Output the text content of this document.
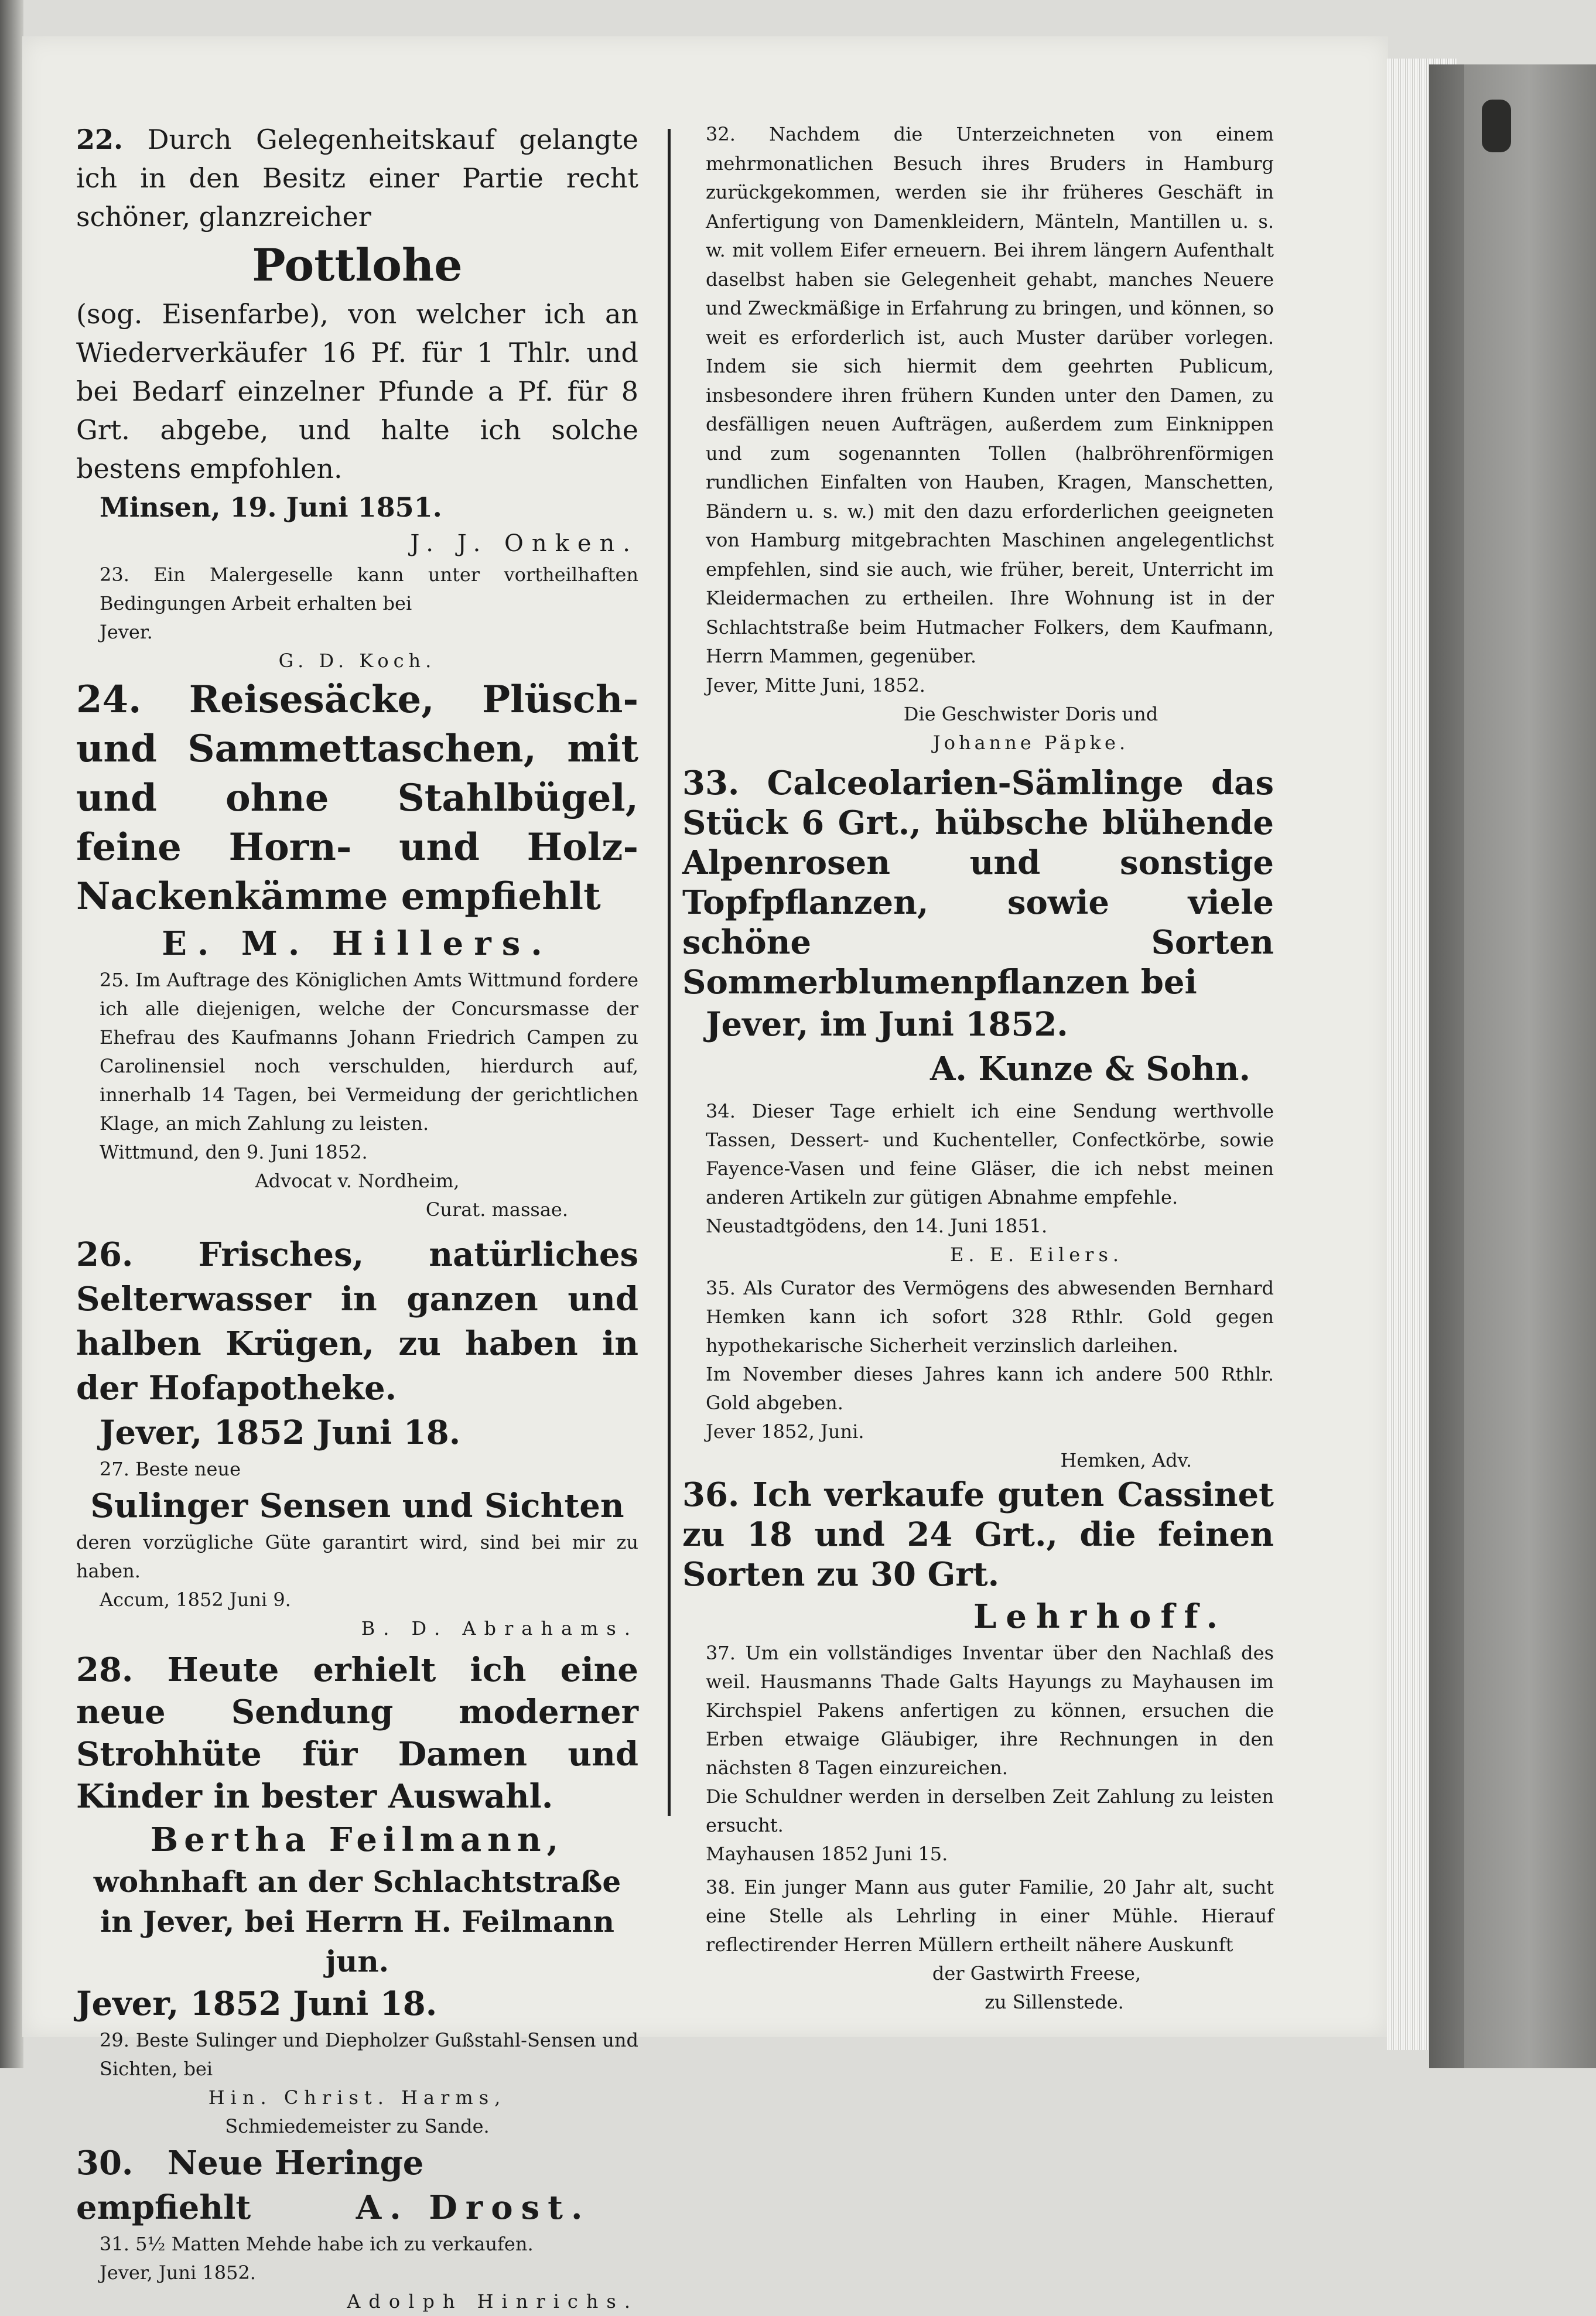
22. Durch Gelegenheitskauf gelangte ich in den Besitz einer Partie recht schöner, glanzreicher
Pottlohe
(sog. Eisenfarbe), von welcher ich an Wiederverkäufer 16 Pf. für 1 Thlr. und bei Bedarf einzelner Pfunde a Pf. für 8 Grt. abgebe, und halte ich solche bestens empfohlen.
Minsen, 19. Juni 1851.
J. J. Onken.
23. Ein Malergeselle kann unter vortheilhaften Bedingungen Arbeit erhalten bei
Jever.
G. D. Koch.
24. Reisesäcke, Plüsch- und Sammettaschen, mit und ohne Stahlbügel, feine Horn- und Holz-Nackenkämme empfiehlt
E. M. Hillers.
25. Im Auftrage des Königlichen Amts Wittmund fordere ich alle diejenigen, welche der Concursmasse der Ehefrau des Kaufmanns Johann Friedrich Campen zu Carolinensiel noch verschulden, hierdurch auf, innerhalb 14 Tagen, bei Vermeidung der gerichtlichen Klage, an mich Zahlung zu leisten.
Wittmund, den 9. Juni 1852.
Advocat v. Nordheim,
Curat. massae.
26. Frisches, natürliches Selterwasser in ganzen und halben Krügen, zu haben in der Hofapotheke.
Jever, 1852 Juni 18.
27. Beste neue
Sulinger Sensen und Sichten
deren vorzügliche Güte garantirt wird, sind bei mir zu haben.
Accum, 1852 Juni 9.
B. D. Abrahams.
28. Heute erhielt ich eine neue Sendung moderner Strohhüte für Damen und Kinder in bester Auswahl.
Bertha Feilmann,
wohnhaft an der Schlachtstraße in Jever, bei Herrn H. Feilmann jun.
Jever, 1852 Juni 18.
29. Beste Sulinger und Diepholzer Gußstahl-Sensen und Sichten, bei
Hin. Christ. Harms,
Schmiedemeister zu Sande.
30. Neue Heringe
empfiehlt	A. Drost.
31. 5½ Matten Mehde habe ich zu verkaufen.
Jever, Juni 1852.
Adolph Hinrichs.
32. Nachdem die Unterzeichneten von einem mehrmonatlichen Besuch ihres Bruders in Hamburg zurückgekommen, werden sie ihr früheres Geschäft in Anfertigung von Damenkleidern, Mänteln, Mantillen u. s. w. mit vollem Eifer erneuern. Bei ihrem längern Aufenthalt daselbst haben sie Gelegenheit gehabt, manches Neuere und Zweckmäßige in Erfahrung zu bringen, und können, so weit es erforderlich ist, auch Muster darüber vorlegen. Indem sie sich hiermit dem geehrten Publicum, insbesondere ihren frühern Kunden unter den Damen, zu desfälligen neuen Aufträgen, außerdem zum Einknippen und zum sogenannten Tollen (halbröhrenförmigen rundlichen Einfalten von Hauben, Kragen, Manschetten, Bändern u. s. w.) mit den dazu erforderlichen geeigneten von Hamburg mitgebrachten Maschinen angelegentlichst empfehlen, sind sie auch, wie früher, bereit, Unterricht im Kleidermachen zu ertheilen. Ihre Wohnung ist in der Schlachtstraße beim Hutmacher Folkers, dem Kaufmann, Herrn Mammen, gegenüber.
Jever, Mitte Juni, 1852.
Die Geschwister Doris und
Johanne Päpke.
33. Calceolarien-Sämlinge das Stück 6 Grt., hübsche blühende Alpenrosen und sonstige Topfpflanzen, sowie viele schöne Sorten Sommerblumenpflanzen bei
Jever, im Juni 1852.
A. Kunze & Sohn.
34. Dieser Tage erhielt ich eine Sendung werthvolle Tassen, Dessert- und Kuchenteller, Confectkörbe, sowie Fayence-Vasen und feine Gläser, die ich nebst meinen anderen Artikeln zur gütigen Abnahme empfehle.
Neustadtgödens, den 14. Juni 1851.
E. E. Eilers.
35. Als Curator des Vermögens des abwesenden Bernhard Hemken kann ich sofort 328 Rthlr. Gold gegen hypothekarische Sicherheit verzinslich darleihen.
Im November dieses Jahres kann ich andere 500 Rthlr. Gold abgeben.
Jever 1852, Juni.
Hemken, Adv.
36. Ich verkaufe guten Cassinet zu 18 und 24 Grt., die feinen Sorten zu 30 Grt.
Lehrhoff.
37. Um ein vollständiges Inventar über den Nachlaß des weil. Hausmanns Thade Galts Hayungs zu Mayhausen im Kirchspiel Pakens anfertigen zu können, ersuchen die Erben etwaige Gläubiger, ihre Rechnungen in den nächsten 8 Tagen einzureichen.
Die Schuldner werden in derselben Zeit Zahlung zu leisten ersucht.
Mayhausen 1852 Juni 15.
38. Ein junger Mann aus guter Familie, 20 Jahr alt, sucht eine Stelle als Lehrling in einer Mühle. Hierauf reflectirender Herren Müllern ertheilt nähere Auskunft
der Gastwirth Freese,
zu Sillenstede.
